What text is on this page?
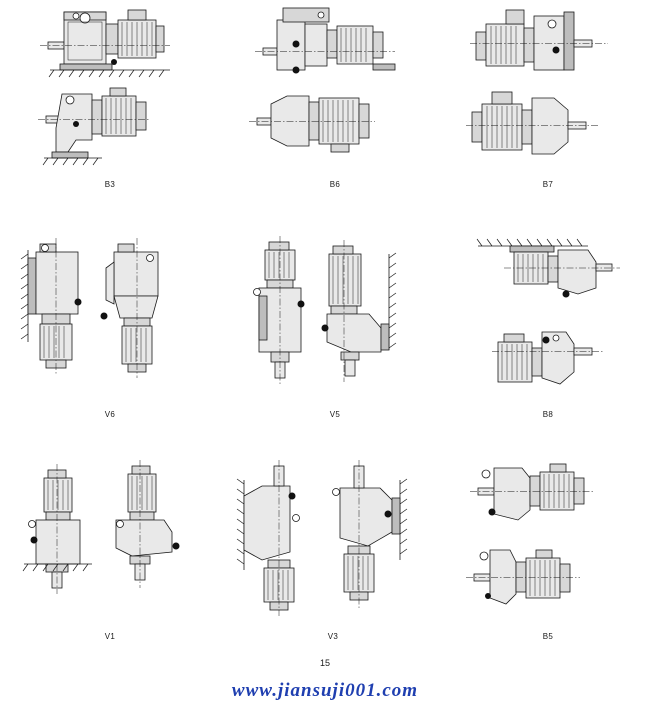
B3	B6	B7
V6	V5	B8
V1	V3	B5
15
www.jiansuji001.com
